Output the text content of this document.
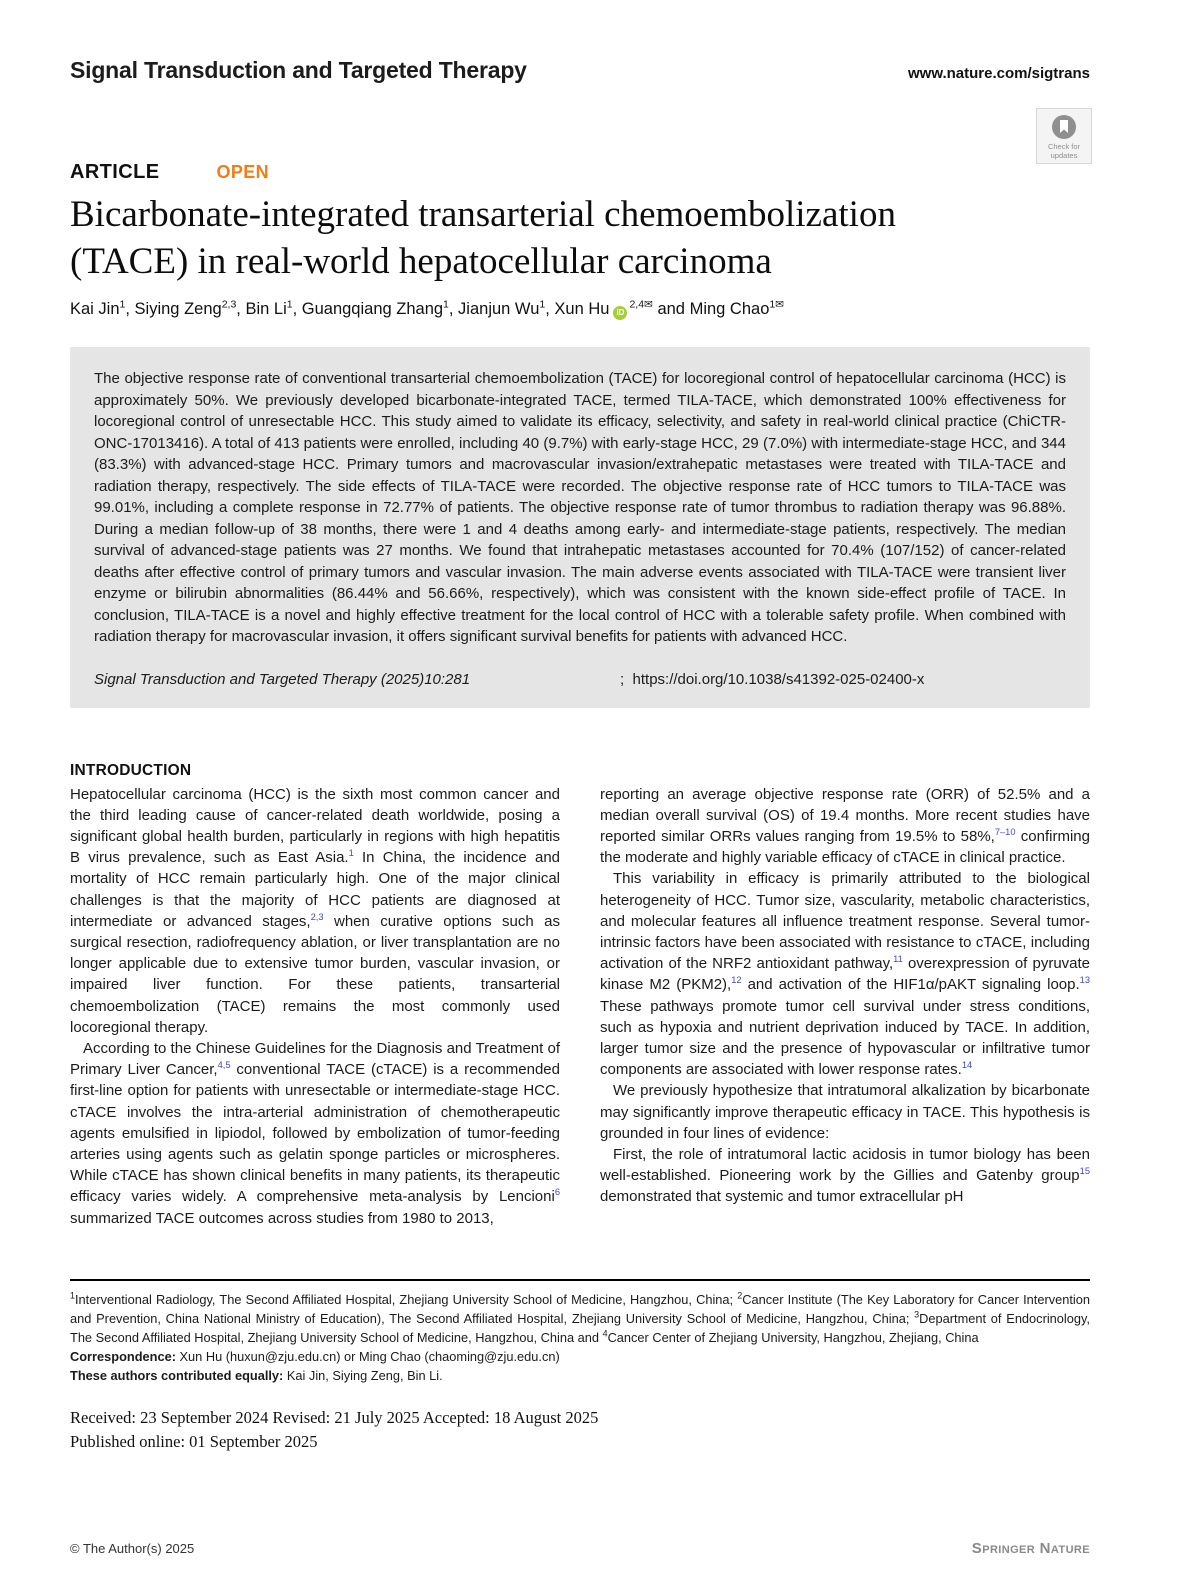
Signal Transduction and Targeted Therapy	www.nature.com/sigtrans
ARTICLE	OPEN
Bicarbonate-integrated transarterial chemoembolization
(TACE) in real-world hepatocellular carcinoma
Kai Jin$^1$, Siying Zeng$^{2,3}$, Bin Li$^1$, Guangqiang Zhang$^1$, Jianjun Wu$^1$, Xun Hu $iD^{2,4✉}$ and Ming Chao$^{1✉}$
The objective response rate of conventional transarterial chemoembolization (TACE) for locoregional control of hepatocellular carcinoma (HCC) is approximately 50%. We previously developed bicarbonate-integrated TACE, termed TILA-TACE, which demonstrated 100% effectiveness for locoregional control of unresectable HCC. This study aimed to validate its efficacy, selectivity, and safety in real-world clinical practice (ChiCTR-ONC-17013416). A total of 413 patients were enrolled, including 40 (9.7%) with early-stage HCC, 29 (7.0%) with intermediate-stage HCC, and 344 (83.3%) with advanced-stage HCC. Primary tumors and macrovascular invasion/extrahepatic metastases were treated with TILA-TACE and radiation therapy, respectively. The side effects of TILA-TACE were recorded. The objective response rate of HCC tumors to TILA-TACE was 99.01%, including a complete response in 72.77% of patients. The objective response rate of tumor thrombus to radiation therapy was 96.88%. During a median follow-up of 38 months, there were 1 and 4 deaths among early- and intermediate-stage patients, respectively. The median survival of advanced-stage patients was 27 months. We found that intrahepatic metastases accounted for 70.4% (107/152) of cancer-related deaths after effective control of primary tumors and vascular invasion. The main adverse events associated with TILA-TACE were transient liver enzyme or bilirubin abnormalities (86.44% and 56.66%, respectively), which was consistent with the known side-effect profile of TACE. In conclusion, TILA-TACE is a novel and highly effective treatment for the local control of HCC with a tolerable safety profile. When combined with radiation therapy for macrovascular invasion, it offers significant survival benefits for patients with advanced HCC.
Signal Transduction and Targeted Therapy (2025)10:281	; https://doi.org/10.1038/s41392-025-02400-x
INTRODUCTION

Hepatocellular carcinoma (HCC) is the sixth most common cancer and the third leading cause of cancer-related death worldwide, posing a significant global health burden, particularly in regions with high hepatitis B virus prevalence, such as East Asia.$^1$ In China, the incidence and mortality of HCC remain particularly high. One of the major clinical challenges is that the majority of HCC patients are diagnosed at intermediate or advanced stages,$^{2,3}$ when curative options such as surgical resection, radiofrequency ablation, or liver transplantation are no longer applicable due to extensive tumor burden, vascular invasion, or impaired liver function. For these patients, transarterial chemoembolization (TACE) remains the most commonly used locoregional therapy.

According to the Chinese Guidelines for the Diagnosis and Treatment of Primary Liver Cancer,$^{4,5}$ conventional TACE (cTACE) is a recommended first-line option for patients with unresectable or intermediate-stage HCC. cTACE involves the intra-arterial administration of chemotherapeutic agents emulsified in lipiodol, followed by embolization of tumor-feeding arteries using agents such as gelatin sponge particles or microspheres. While cTACE has shown clinical benefits in many patients, its therapeutic efficacy varies widely. A comprehensive meta-analysis by Lencioni$^6$ summarized TACE outcomes across studies from 1980 to 2013,

reporting an average objective response rate (ORR) of 52.5% and a median overall survival (OS) of 19.4 months. More recent studies have reported similar ORRs values ranging from 19.5% to 58%,$^{7-10}$ confirming the moderate and highly variable efficacy of cTACE in clinical practice.

This variability in efficacy is primarily attributed to the biological heterogeneity of HCC. Tumor size, vascularity, metabolic characteristics, and molecular features all influence treatment response. Several tumor-intrinsic factors have been associated with resistance to cTACE, including activation of the NRF2 antioxidant pathway,$^{11}$ overexpression of pyruvate kinase M2 (PKM2),$^{12}$ and activation of the HIF1α/pAKT signaling loop.$^{13}$ These pathways promote tumor cell survival under stress conditions, such as hypoxia and nutrient deprivation induced by TACE. In addition, larger tumor size and the presence of hypovascular or infiltrative tumor components are associated with lower response rates.$^{14}$

We previously hypothesize that intratumoral alkalization by bicarbonate may significantly improve therapeutic efficacy in TACE. This hypothesis is grounded in four lines of evidence:

First, the role of intratumoral lactic acidosis in tumor biology has been well-established. Pioneering work by the Gillies and Gatenby group$^{15}$ demonstrated that systemic and tumor extracellular pH

$^1$Interventional Radiology, The Second Affiliated Hospital, Zhejiang University School of Medicine, Hangzhou, China; $^2$Cancer Institute (The Key Laboratory for Cancer Intervention and Prevention, China National Ministry of Education), The Second Affiliated Hospital, Zhejiang University School of Medicine, Hangzhou, China; $^3$Department of Endocrinology, The Second Affiliated Hospital, Zhejiang University School of Medicine, Hangzhou, China and $^4$Cancer Center of Zhejiang University, Hangzhou, Zhejiang, China
Correspondence: Xun Hu (huxun@zju.edu.cn) or Ming Chao (chaoming@zju.edu.cn)
These authors contributed equally: Kai Jin, Siying Zeng, Bin Li.
Received: 23 September 2024 Revised: 21 July 2025 Accepted: 18 August 2025
Published online: 01 September 2025
Check for
updates
© The Author(s) 2025	Springer Nature
